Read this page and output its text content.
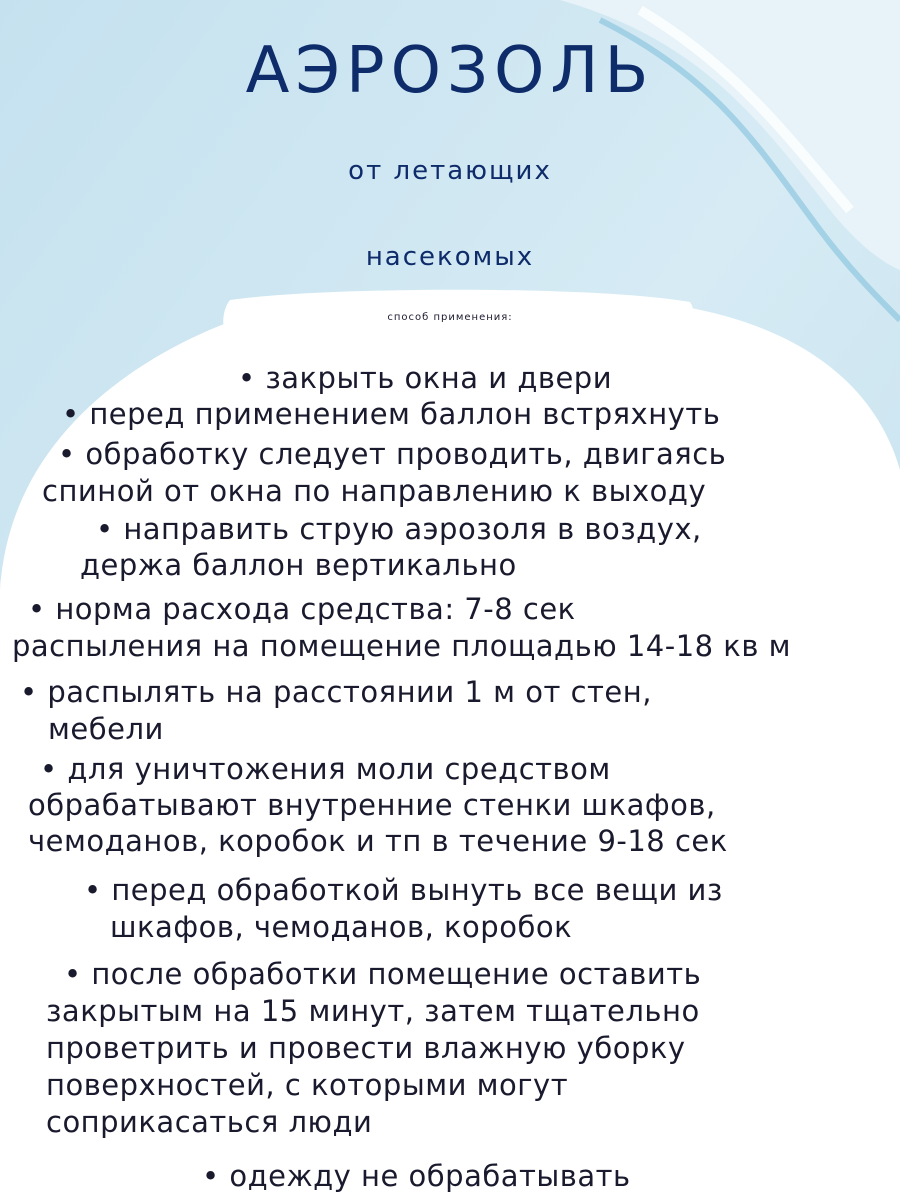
АЭРОЗОЛЬ
от летающих
насекомых

способ применения:

• закрыть окна и двери

• перед применением баллон встряхнуть

• обработку следует проводить, двигаясь

спиной от окна по направлению к выходу

• направить струю аэрозоля в воздух,

держа баллон вертикально

• норма расхода средства: 7-8 сек

распыления на помещение площадью 14-18 кв м

• распылять на расстоянии 1 м от стен,

мебели

• для уничтожения моли средством

обрабатывают внутренние стенки шкафов,

чемоданов, коробок и тп в течение 9-18 сек

• перед обработкой вынуть все вещи из

шкафов, чемоданов, коробок

• после обработки помещение оставить

закрытым на 15 минут, затем тщательно

проветрить и провести влажную уборку

поверхностей, с которыми могут

соприкасаться люди

• одежду не обрабатывать
